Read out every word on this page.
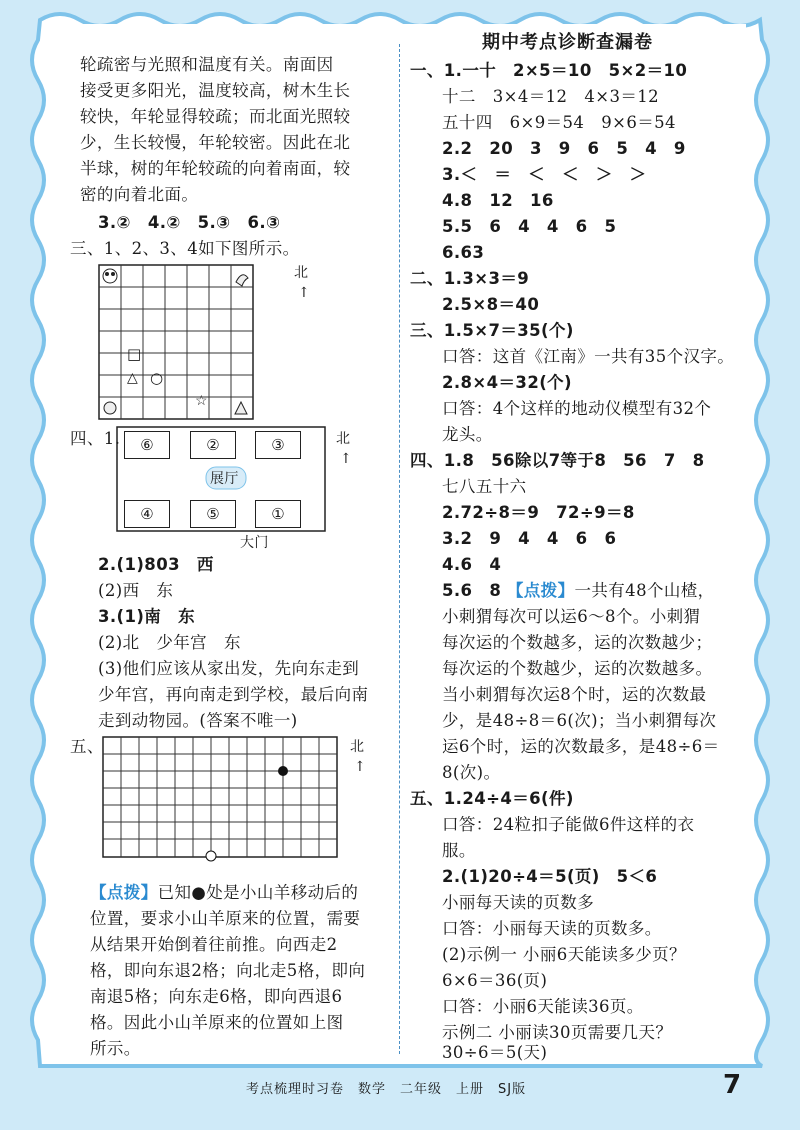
轮疏密与光照和温度有关。南面因
接受更多阳光，温度较高，树木生长
较快，年轮显得较疏；而北面光照较
少，生长较慢，年轮较密。因此在北
半球，树的年轮较疏的向着南面，较
密的向着北面。
3.②　4.②　5.③　6.③
三、1、2、3、4如下图所示。
□
△ ○
☆
北
↑
四、1.	⑥	②	③
④	⑤	①
展厅
大门
北
↑
2.(1)803　西
(2)西　东
3.(1)南　东
(2)北　少年宫　东
(3)他们应该从家出发，先向东走到
少年宫，再向南走到学校，最后向南
走到动物园。(答案不唯一)
五、	北
↑
【点拨】已知●处是小山羊移动后的
位置，要求小山羊原来的位置，需要
从结果开始倒着往前推。向西走2
格，即向东退2格；向北走5格，即向
南退5格；向东走6格，即向西退6
格。因此小山羊原来的位置如上图
所示。
期中考点诊断查漏卷
一、1.一十　2×5＝10　5×2＝10
十二　3×4＝12　4×3＝12
五十四　6×9＝54　9×6＝54
2.2　20　3　9　6　5　4　9
3.＜　＝　＜　＜　＞　＞
4.8　12　16
5.5　6　4　4　6　5
6.63
二、1.3×3＝9
2.5×8＝40
三、1.5×7＝35(个)
口答：这首《江南》一共有35个汉字。
2.8×4＝32(个)
口答：4个这样的地动仪模型有32个
龙头。
四、1.8　56除以7等于8　56　7　8
七八五十六
2.72÷8＝9　72÷9＝8
3.2　9　4　4　6　6
4.6　4
5.6　8 【点拨】一共有48个山楂，
小刺猬每次可以运6～8个。小刺猬
每次运的个数越多，运的次数越少；
每次运的个数越少，运的次数越多。
当小刺猬每次运8个时，运的次数最
少，是48÷8＝6(次)；当小刺猬每次
运6个时，运的次数最多，是48÷6＝
8(次)。
五、1.24÷4＝6(件)
口答：24粒扣子能做6件这样的衣
服。
2.(1)20÷4＝5(页)　5＜6
小丽每天读的页数多
口答：小丽每天读的页数多。
(2)示例一 小丽6天能读多少页？
6×6＝36(页)
口答：小丽6天能读36页。
示例二 小丽读30页需要几天？
30÷6＝5(天)
考点梳理时习卷　数学　二年级　上册　SJ版	7
